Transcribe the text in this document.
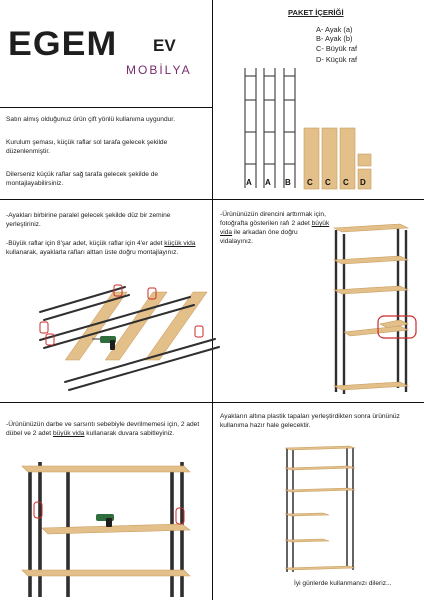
EGEM EV
MOBİLYA
PAKET İÇERİĞİ
A- Ayak (a)
B- Ayak (b)
C- Büyük raf
D- Küçük raf
A A B C C C D
Satın almış olduğunuz ürün çift yönlü kullanıma uygundur.
Kurulum şeması, küçük raflar sol tarafa gelecek şekilde düzenlenmiştir.
Dilerseniz küçük raflar sağ tarafa gelecek şekilde de montajlayabilirsiniz.
-Ayakları birbirine paralel gelecek şekilde düz bir zemine yerleştiriniz.
-Büyük raflar için 8'şar adet, küçük raflar için 4'er adet küçük vida kullanarak, ayaklarla rafları alttan üste doğru montajlayınız.
-Ürününüzün direncini arttırmak için, fotoğrafta gösterilen rafı 2 adet büyük vida ile arkadan öne doğru vidalayınız.
-Ürününüzün darbe ve sarsıntı sebebiyle devrilmemesi için, 2 adet dübel ve 2 adet büyük vida kullanarak duvara sabitleyiniz.
Ayakların altına plastik tapaları yerleştirdikten sonra ürününüz kullanıma hazır hale gelecektir.
İyi günlerde kullanmanızı dileriz...
